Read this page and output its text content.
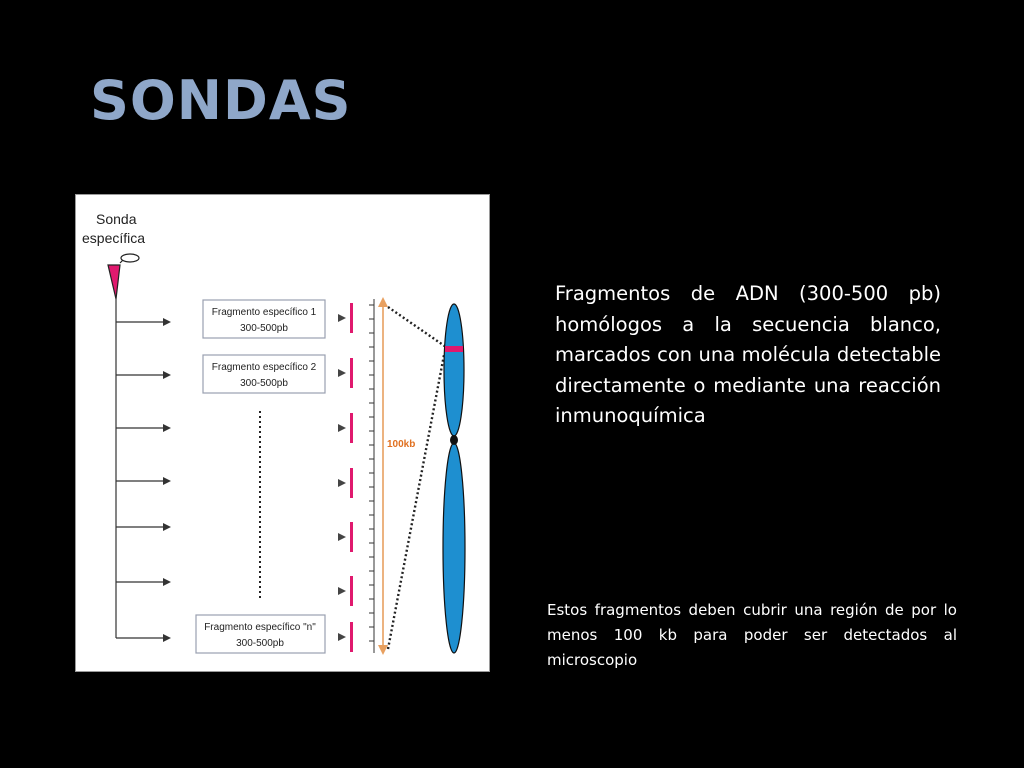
SONDAS
Sonda
específica
Fragmento específico 1
300-500pb
Fragmento específico 2
300-500pb
Fragmento específico "n"
300-500pb
100kb
Fragmentos de ADN (300-500 pb) homólogos a la secuencia blanco, marcados con una molécula detectable directamente o mediante una reacción inmunoquímica
Estos fragmentos deben cubrir una región de por lo menos 100 kb para poder ser detectados al microscopio
